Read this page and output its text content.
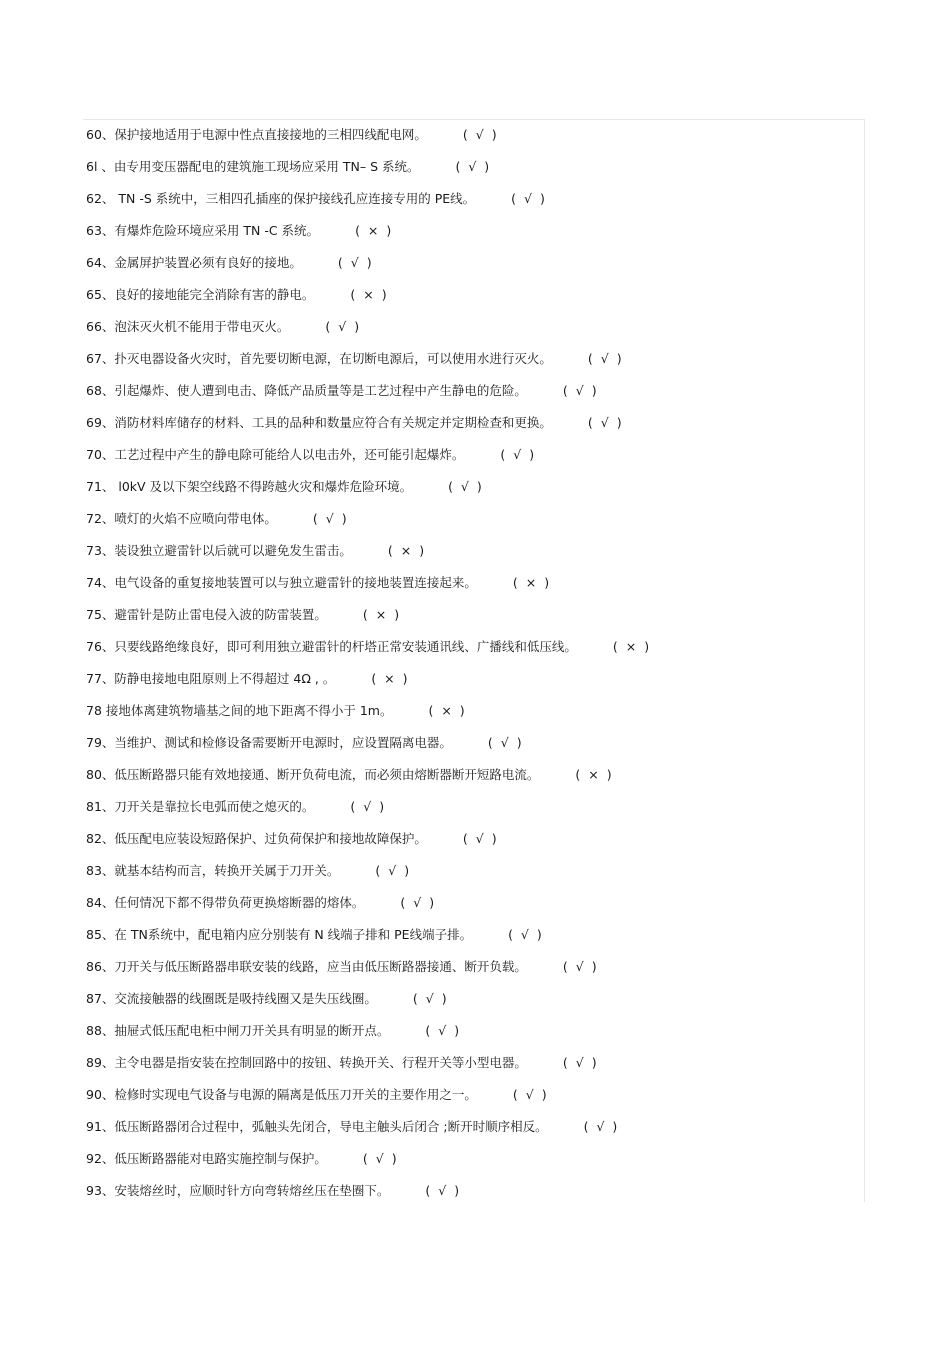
60、保护接地适用于电源中性点直接接地的三相四线配电网。	( √ )
6l 、由专用变压器配电的建筑施工现场应采用 TN– S 系统。	( √ )
62、 TN -S 系统中，三相四孔插座的保护接线孔应连接专用的 PE线。	( √ )
63、有爆炸危险环境应采用 TN -C 系统。	( × )
64、金属屏护装置必须有良好的接地。	( √ )
65、良好的接地能完全消除有害的静电。	( × )
66、泡沫灭火机不能用于带电灭火。	( √ )
67、扑灭电器设备火灾时，首先要切断电源，在切断电源后，可以使用水进行灭火。	( √ )
68、引起爆炸、使人遭到电击、降低产品质量等是工艺过程中产生静电的危险。	( √ )
69、消防材料库储存的材料、工具的品种和数量应符合有关规定并定期检查和更换。	( √ )
70、工艺过程中产生的静电除可能给人以电击外，还可能引起爆炸。	( √ )
71、 l0kV 及以下架空线路不得跨越火灾和爆炸危险环境。	( √ )
72、喷灯的火焰不应喷向带电体。	( √ )
73、装设独立避雷针以后就可以避免发生雷击。	( × )
74、电气设备的重复接地装置可以与独立避雷针的接地装置连接起来。	( × )
75、避雷针是防止雷电侵入波的防雷装置。	( × )
76、只要线路绝缘良好，即可利用独立避雷针的杆塔正常安装通讯线、广播线和低压线。	( × )
77、防静电接地电阻原则上不得超过 4Ω , 。	( × )
78 接地体离建筑物墙基之间的地下距离不得小于 1m。	( × )
79、当维护、测试和检修设备需要断开电源时，应设置隔离电器。	( √ )
80、低压断路器只能有效地接通、断开负荷电流，而必须由熔断器断开短路电流。	( × )
81、刀开关是靠拉长电弧而使之熄灭的。	( √ )
82、低压配电应装设短路保护、过负荷保护和接地故障保护。	( √ )
83、就基本结构而言，转换开关属于刀开关。	( √ )
84、任何情况下都不得带负荷更换熔断器的熔体。	( √ )
85、在 TN系统中，配电箱内应分别装有 N 线端子排和 PE线端子排。	( √ )
86、刀开关与低压断路器串联安装的线路，应当由低压断路器接通、断开负载。	( √ )
87、交流接触器的线圈既是吸持线圈又是失压线圈。	( √ )
88、抽屉式低压配电柜中闸刀开关具有明显的断开点。	( √ )
89、主令电器是指安装在控制回路中的按钮、转换开关、行程开关等小型电器。	( √ )
90、检修时实现电气设备与电源的隔离是低压刀开关的主要作用之一。	( √ )
91、低压断路器闭合过程中，弧触头先闭合，导电主触头后闭合 ;断开时顺序相反。	( √ )
92、低压断路器能对电路实施控制与保护。	( √ )
93、安装熔丝时，应顺时针方向弯转熔丝压在垫圈下。	( √ )
